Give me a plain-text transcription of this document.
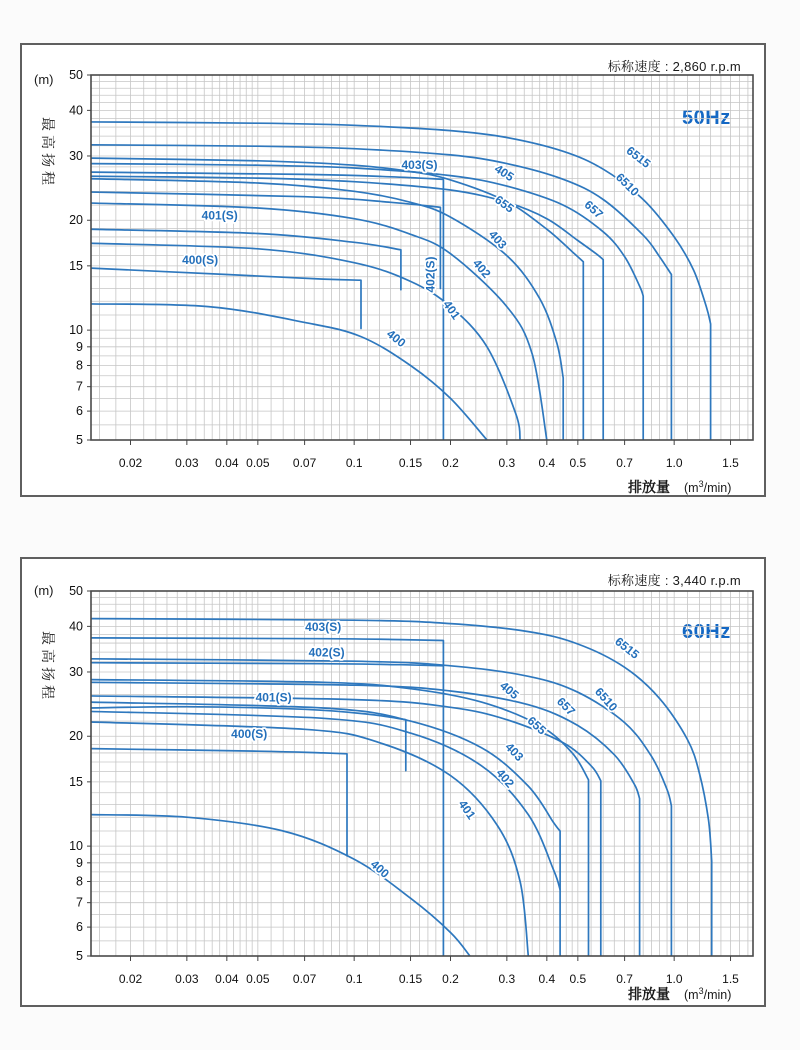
标称速度 : 2,860 r.p.m
(m)
最高扬程	50Hz
0.02	0.03 0.04 0.05 0.07 0.1	0.15 0.2	0.3 0.4 0.5	0.7	1.0	1.5
50
40
30
20
15
10
9
8
7
6
5
403(S)
401(S)
400(S)	402(S)
401
400
403
402
655
405
657
6510
6515
排放量 $(m^3/\min)$
标称速度 : 3,440 r.p.m
(m)
最高扬程	60Hz
0.02	0.03 0.04 0.05 0.07 0.1	0.15 0.2	0.3 0.4 0.5	0.7	1.0	1.5
50
40
30
20
15
10
9
8
7
6
5
403(S)
402(S)
401(S)
400(S)
405
657 6510
6515
655
403
402
401
400
排放量 $(m^3/\min)$
